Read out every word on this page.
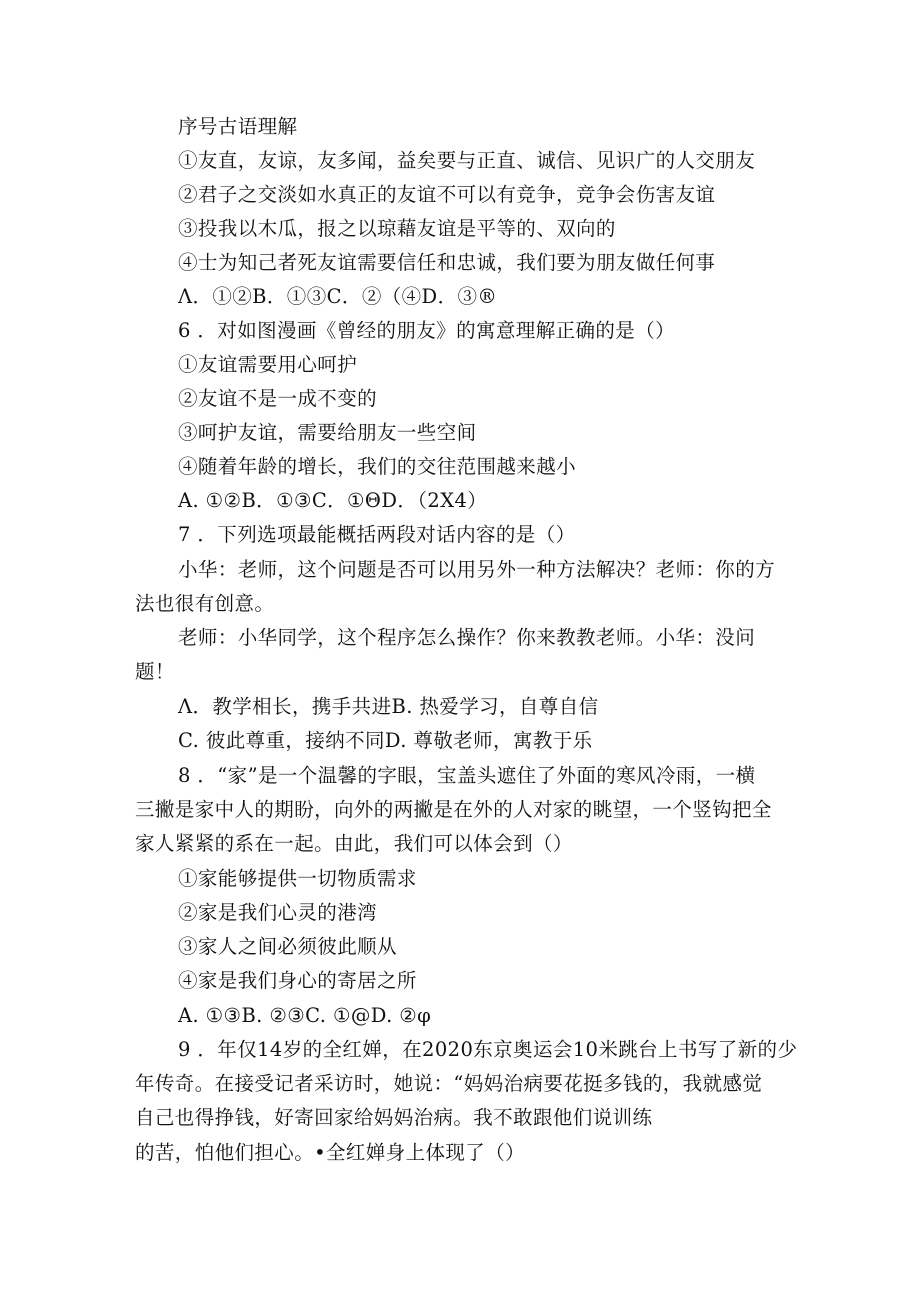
序号古语理解
①友直，友谅，友多闻，益矣要与正直、诚信、见识广的人交朋友
②君子之交淡如水真正的友谊不可以有竞争，竞争会伤害友谊
③投我以木瓜，报之以琼藉友谊是平等的、双向的
④士为知己者死友谊需要信任和忠诚，我们要为朋友做任何事
Λ．①②B．①③C．②（④D．③®
6 ．对如图漫画《曾经的朋友》的寓意理解正确的是（）
①友谊需要用心呵护
②友谊不是一成不变的
③呵护友谊，需要给朋友一些空间
④随着年龄的增长，我们的交往范围越来越小
A. ①②B．①③C．①ΘD．（2X4）
7 ．下列选项最能概括两段对话内容的是（）
小华：老师，这个问题是否可以用另外一种方法解决？老师：你的方
法也很有创意。
老师：小华同学，这个程序怎么操作？你来教教老师。小华：没问
题！
Λ．教学相长，携手共进B. 热爱学习，自尊自信
C. 彼此尊重，接纳不同D. 尊敬老师，寓教于乐
8 ．“家”是一个温馨的字眼，宝盖头遮住了外面的寒风冷雨，一横
三撇是家中人的期盼，向外的两撇是在外的人对家的眺望，一个竖钩把全
家人紧紧的系在一起。由此，我们可以体会到（）
①家能够提供一切物质需求
②家是我们心灵的港湾
③家人之间必须彼此顺从
④家是我们身心的寄居之所
A. ①③B. ②③C. ①@D. ②φ
9 ．年仅14岁的全红婵，在2020东京奥运会10米跳台上书写了新的少
年传奇。在接受记者采访时，她说：“妈妈治病要花挺多钱的，我就感觉
自己也得挣钱，好寄回家给妈妈治病。我不敢跟他们说训练
的苦，怕他们担心。•全红婵身上体现了（）
